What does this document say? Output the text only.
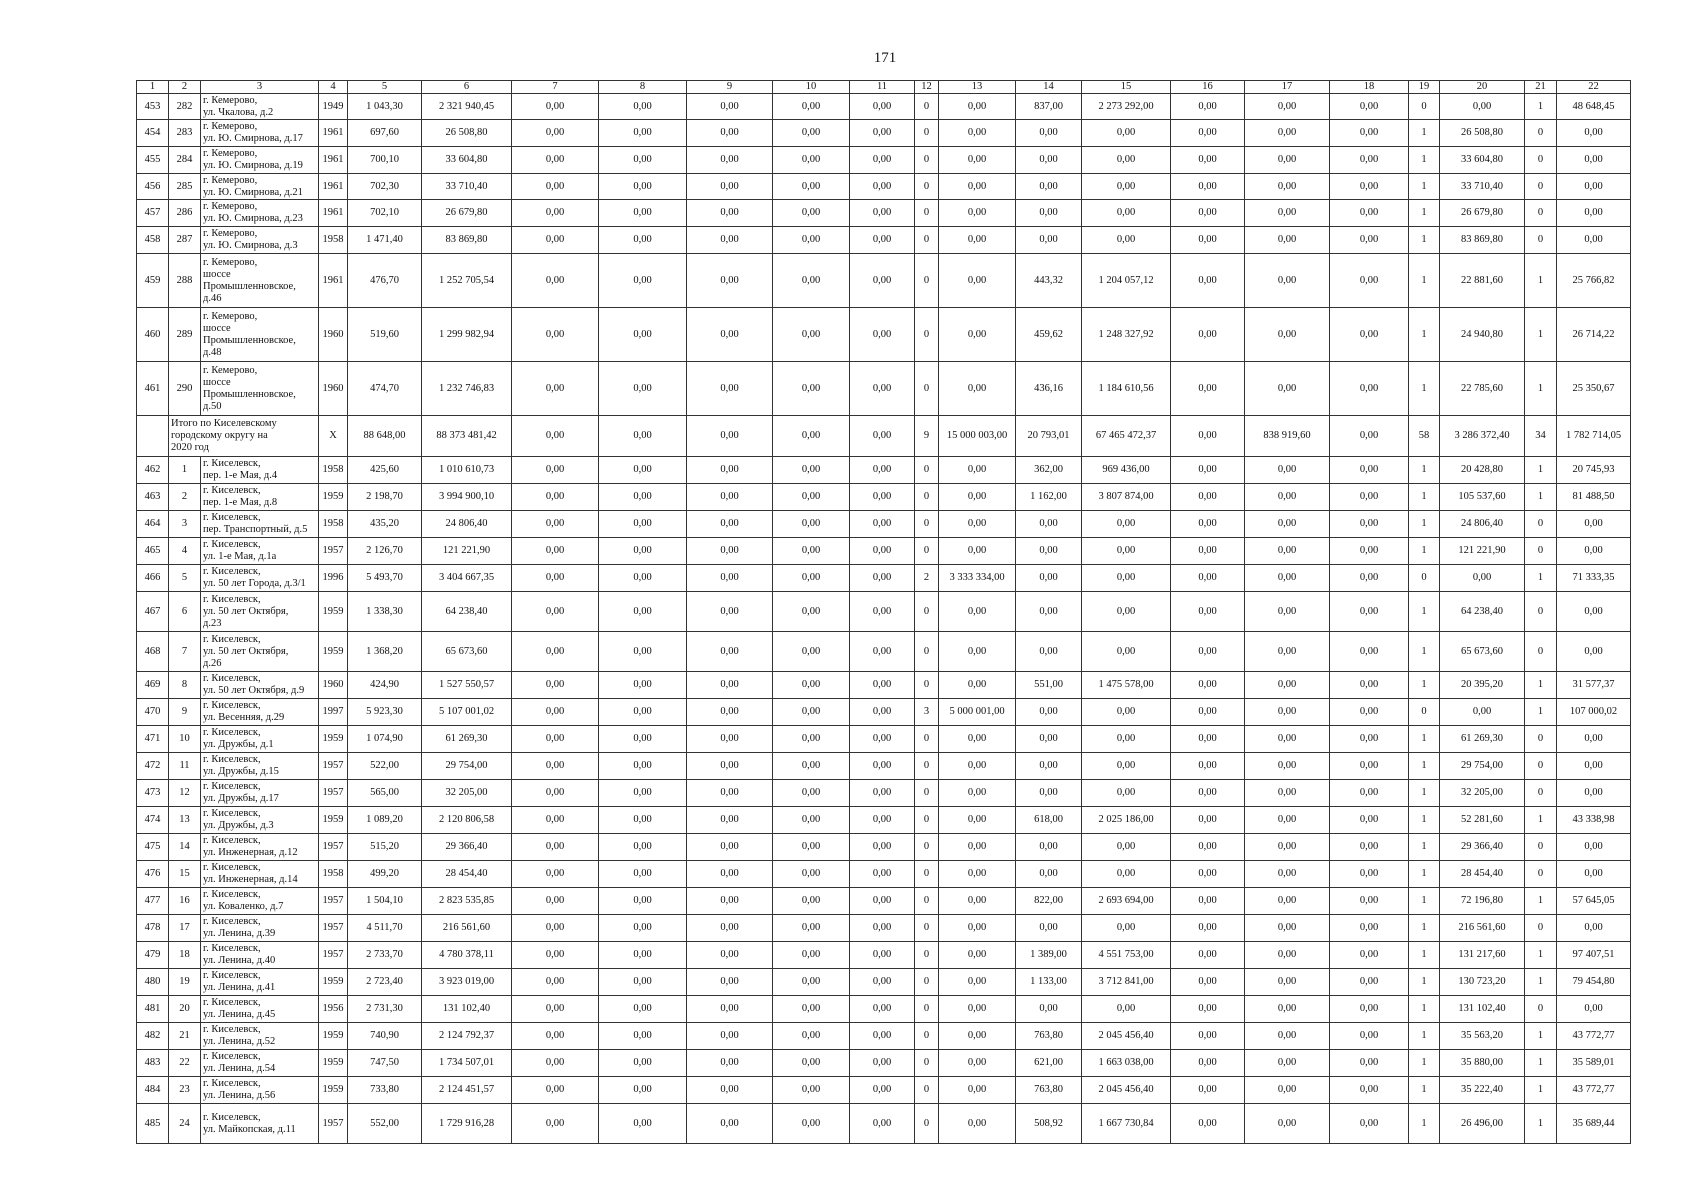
171
1	2	3	4	5	6	7	8	9	10	11	12	13	14	15	16	17	18	19	20	21	22
453	282	г. Кемерово,
ул. Чкалова, д.2	1949	1 043,30	2 321 940,45	0,00	0,00	0,00	0,00	0,00	0	0,00	837,00	2 273 292,00	0,00	0,00	0,00	0	0,00	1	48 648,45
454	283	г. Кемерово,
ул. Ю. Смирнова, д.17	1961	697,60	26 508,80	0,00	0,00	0,00	0,00	0,00	0	0,00	0,00	0,00	0,00	0,00	0,00	1	26 508,80	0	0,00
455	284	г. Кемерово,
ул. Ю. Смирнова, д.19	1961	700,10	33 604,80	0,00	0,00	0,00	0,00	0,00	0	0,00	0,00	0,00	0,00	0,00	0,00	1	33 604,80	0	0,00
456	285	г. Кемерово,
ул. Ю. Смирнова, д.21	1961	702,30	33 710,40	0,00	0,00	0,00	0,00	0,00	0	0,00	0,00	0,00	0,00	0,00	0,00	1	33 710,40	0	0,00
457	286	г. Кемерово,
ул. Ю. Смирнова, д.23	1961	702,10	26 679,80	0,00	0,00	0,00	0,00	0,00	0	0,00	0,00	0,00	0,00	0,00	0,00	1	26 679,80	0	0,00
458	287	г. Кемерово,
ул. Ю. Смирнова, д.3	1958	1 471,40	83 869,80	0,00	0,00	0,00	0,00	0,00	0	0,00	0,00	0,00	0,00	0,00	0,00	1	83 869,80	0	0,00
459	288	г. Кемерово,
шоссе
Промышленновское,
д.46	1961	476,70	1 252 705,54	0,00	0,00	0,00	0,00	0,00	0	0,00	443,32	1 204 057,12	0,00	0,00	0,00	1	22 881,60	1	25 766,82
460	289	г. Кемерово,
шоссе
Промышленновское,
д.48	1960	519,60	1 299 982,94	0,00	0,00	0,00	0,00	0,00	0	0,00	459,62	1 248 327,92	0,00	0,00	0,00	1	24 940,80	1	26 714,22
461	290	г. Кемерово,
шоссе
Промышленновское,
д.50	1960	474,70	1 232 746,83	0,00	0,00	0,00	0,00	0,00	0	0,00	436,16	1 184 610,56	0,00	0,00	0,00	1	22 785,60	1	25 350,67
	Итого по Киселевскому
городскому округу на
2020 год		X	88 648,00	88 373 481,42	0,00	0,00	0,00	0,00	0,00	9	15 000 003,00	20 793,01	67 465 472,37	0,00	838 919,60	0,00	58	3 286 372,40	34	1 782 714,05
462	1	г. Киселевск,
пер. 1-е Мая, д.4	1958	425,60	1 010 610,73	0,00	0,00	0,00	0,00	0,00	0	0,00	362,00	969 436,00	0,00	0,00	0,00	1	20 428,80	1	20 745,93
463	2	г. Киселевск,
пер. 1-е Мая, д.8	1959	2 198,70	3 994 900,10	0,00	0,00	0,00	0,00	0,00	0	0,00	1 162,00	3 807 874,00	0,00	0,00	0,00	1	105 537,60	1	81 488,50
464	3	г. Киселевск,
пер. Транспортный, д.5	1958	435,20	24 806,40	0,00	0,00	0,00	0,00	0,00	0	0,00	0,00	0,00	0,00	0,00	0,00	1	24 806,40	0	0,00
465	4	г. Киселевск,
ул. 1-е Мая, д.1а	1957	2 126,70	121 221,90	0,00	0,00	0,00	0,00	0,00	0	0,00	0,00	0,00	0,00	0,00	0,00	1	121 221,90	0	0,00
466	5	г. Киселевск,
ул. 50 лет Города, д.3/1	1996	5 493,70	3 404 667,35	0,00	0,00	0,00	0,00	0,00	2	3 333 334,00	0,00	0,00	0,00	0,00	0,00	0	0,00	1	71 333,35
467	6	г. Киселевск,
ул. 50 лет Октября,
д.23	1959	1 338,30	64 238,40	0,00	0,00	0,00	0,00	0,00	0	0,00	0,00	0,00	0,00	0,00	0,00	1	64 238,40	0	0,00
468	7	г. Киселевск,
ул. 50 лет Октября,
д.26	1959	1 368,20	65 673,60	0,00	0,00	0,00	0,00	0,00	0	0,00	0,00	0,00	0,00	0,00	0,00	1	65 673,60	0	0,00
469	8	г. Киселевск,
ул. 50 лет Октября, д.9	1960	424,90	1 527 550,57	0,00	0,00	0,00	0,00	0,00	0	0,00	551,00	1 475 578,00	0,00	0,00	0,00	1	20 395,20	1	31 577,37
470	9	г. Киселевск,
ул. Весенняя, д.29	1997	5 923,30	5 107 001,02	0,00	0,00	0,00	0,00	0,00	3	5 000 001,00	0,00	0,00	0,00	0,00	0,00	0	0,00	1	107 000,02
471	10	г. Киселевск,
ул. Дружбы, д.1	1959	1 074,90	61 269,30	0,00	0,00	0,00	0,00	0,00	0	0,00	0,00	0,00	0,00	0,00	0,00	1	61 269,30	0	0,00
472	11	г. Киселевск,
ул. Дружбы, д.15	1957	522,00	29 754,00	0,00	0,00	0,00	0,00	0,00	0	0,00	0,00	0,00	0,00	0,00	0,00	1	29 754,00	0	0,00
473	12	г. Киселевск,
ул. Дружбы, д.17	1957	565,00	32 205,00	0,00	0,00	0,00	0,00	0,00	0	0,00	0,00	0,00	0,00	0,00	0,00	1	32 205,00	0	0,00
474	13	г. Киселевск,
ул. Дружбы, д.3	1959	1 089,20	2 120 806,58	0,00	0,00	0,00	0,00	0,00	0	0,00	618,00	2 025 186,00	0,00	0,00	0,00	1	52 281,60	1	43 338,98
475	14	г. Киселевск,
ул. Инженерная, д.12	1957	515,20	29 366,40	0,00	0,00	0,00	0,00	0,00	0	0,00	0,00	0,00	0,00	0,00	0,00	1	29 366,40	0	0,00
476	15	г. Киселевск,
ул. Инженерная, д.14	1958	499,20	28 454,40	0,00	0,00	0,00	0,00	0,00	0	0,00	0,00	0,00	0,00	0,00	0,00	1	28 454,40	0	0,00
477	16	г. Киселевск,
ул. Коваленко, д.7	1957	1 504,10	2 823 535,85	0,00	0,00	0,00	0,00	0,00	0	0,00	822,00	2 693 694,00	0,00	0,00	0,00	1	72 196,80	1	57 645,05
478	17	г. Киселевск,
ул. Ленина, д.39	1957	4 511,70	216 561,60	0,00	0,00	0,00	0,00	0,00	0	0,00	0,00	0,00	0,00	0,00	0,00	1	216 561,60	0	0,00
479	18	г. Киселевск,
ул. Ленина, д.40	1957	2 733,70	4 780 378,11	0,00	0,00	0,00	0,00	0,00	0	0,00	1 389,00	4 551 753,00	0,00	0,00	0,00	1	131 217,60	1	97 407,51
480	19	г. Киселевск,
ул. Ленина, д.41	1959	2 723,40	3 923 019,00	0,00	0,00	0,00	0,00	0,00	0	0,00	1 133,00	3 712 841,00	0,00	0,00	0,00	1	130 723,20	1	79 454,80
481	20	г. Киселевск,
ул. Ленина, д.45	1956	2 731,30	131 102,40	0,00	0,00	0,00	0,00	0,00	0	0,00	0,00	0,00	0,00	0,00	0,00	1	131 102,40	0	0,00
482	21	г. Киселевск,
ул. Ленина, д.52	1959	740,90	2 124 792,37	0,00	0,00	0,00	0,00	0,00	0	0,00	763,80	2 045 456,40	0,00	0,00	0,00	1	35 563,20	1	43 772,77
483	22	г. Киселевск,
ул. Ленина, д.54	1959	747,50	1 734 507,01	0,00	0,00	0,00	0,00	0,00	0	0,00	621,00	1 663 038,00	0,00	0,00	0,00	1	35 880,00	1	35 589,01
484	23	г. Киселевск,
ул. Ленина, д.56	1959	733,80	2 124 451,57	0,00	0,00	0,00	0,00	0,00	0	0,00	763,80	2 045 456,40	0,00	0,00	0,00	1	35 222,40	1	43 772,77
485	24	г. Киселевск,
ул. Майкопская, д.11	1957	552,00	1 729 916,28	0,00	0,00	0,00	0,00	0,00	0	0,00	508,92	1 667 730,84	0,00	0,00	0,00	1	26 496,00	1	35 689,44
